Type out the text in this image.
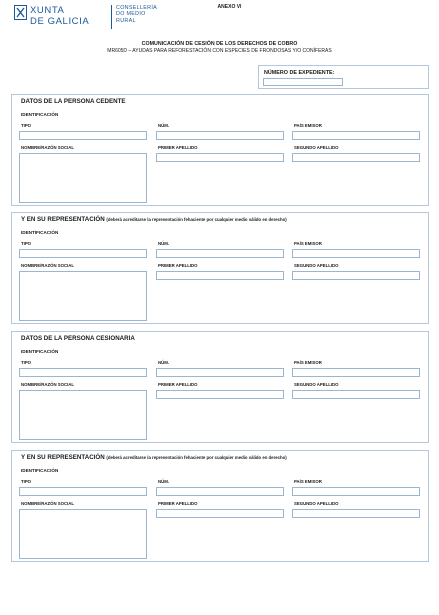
XUNTA
DE GALICIA
CONSELLERÍA
DO MEDIO
RURAL
ANEXO VI
COMUNICACIÓN DE CESIÓN DE LOS DERECHOS DE COBRO
MR605D – AYUDAS PARA REFORESTACIÓN CON ESPECIES DE FRONDOSAS Y/O CONÍFERAS
NÚMERO DE EXPEDIENTE:
DATOS DE LA PERSONA CEDENTE
IDENTIFICACIÓN
TIPO	NÚM.	PAÍS EMISOR
NOMBRE/RAZÓN SOCIAL	PRIMER APELLIDO	SEGUNDO APELLIDO
Y EN SU REPRESENTACIÓN (deberá acreditarse la representación fehaciente por cualquier medio válido en derecho)
IDENTIFICACIÓN
TIPO	NÚM.	PAÍS EMISOR
NOMBRE/RAZÓN SOCIAL	PRIMER APELLIDO	SEGUNDO APELLIDO
DATOS DE LA PERSONA CESIONARIA
IDENTIFICACIÓN
TIPO	NÚM.	PAÍS EMISOR
NOMBRE/RAZÓN SOCIAL	PRIMER APELLIDO	SEGUNDO APELLIDO
Y EN SU REPRESENTACIÓN (deberá acreditarse la representación fehaciente por cualquier medio válido en derecho)
IDENTIFICACIÓN
TIPO	NÚM.	PAÍS EMISOR
NOMBRE/RAZÓN SOCIAL	PRIMER APELLIDO	SEGUNDO APELLIDO
